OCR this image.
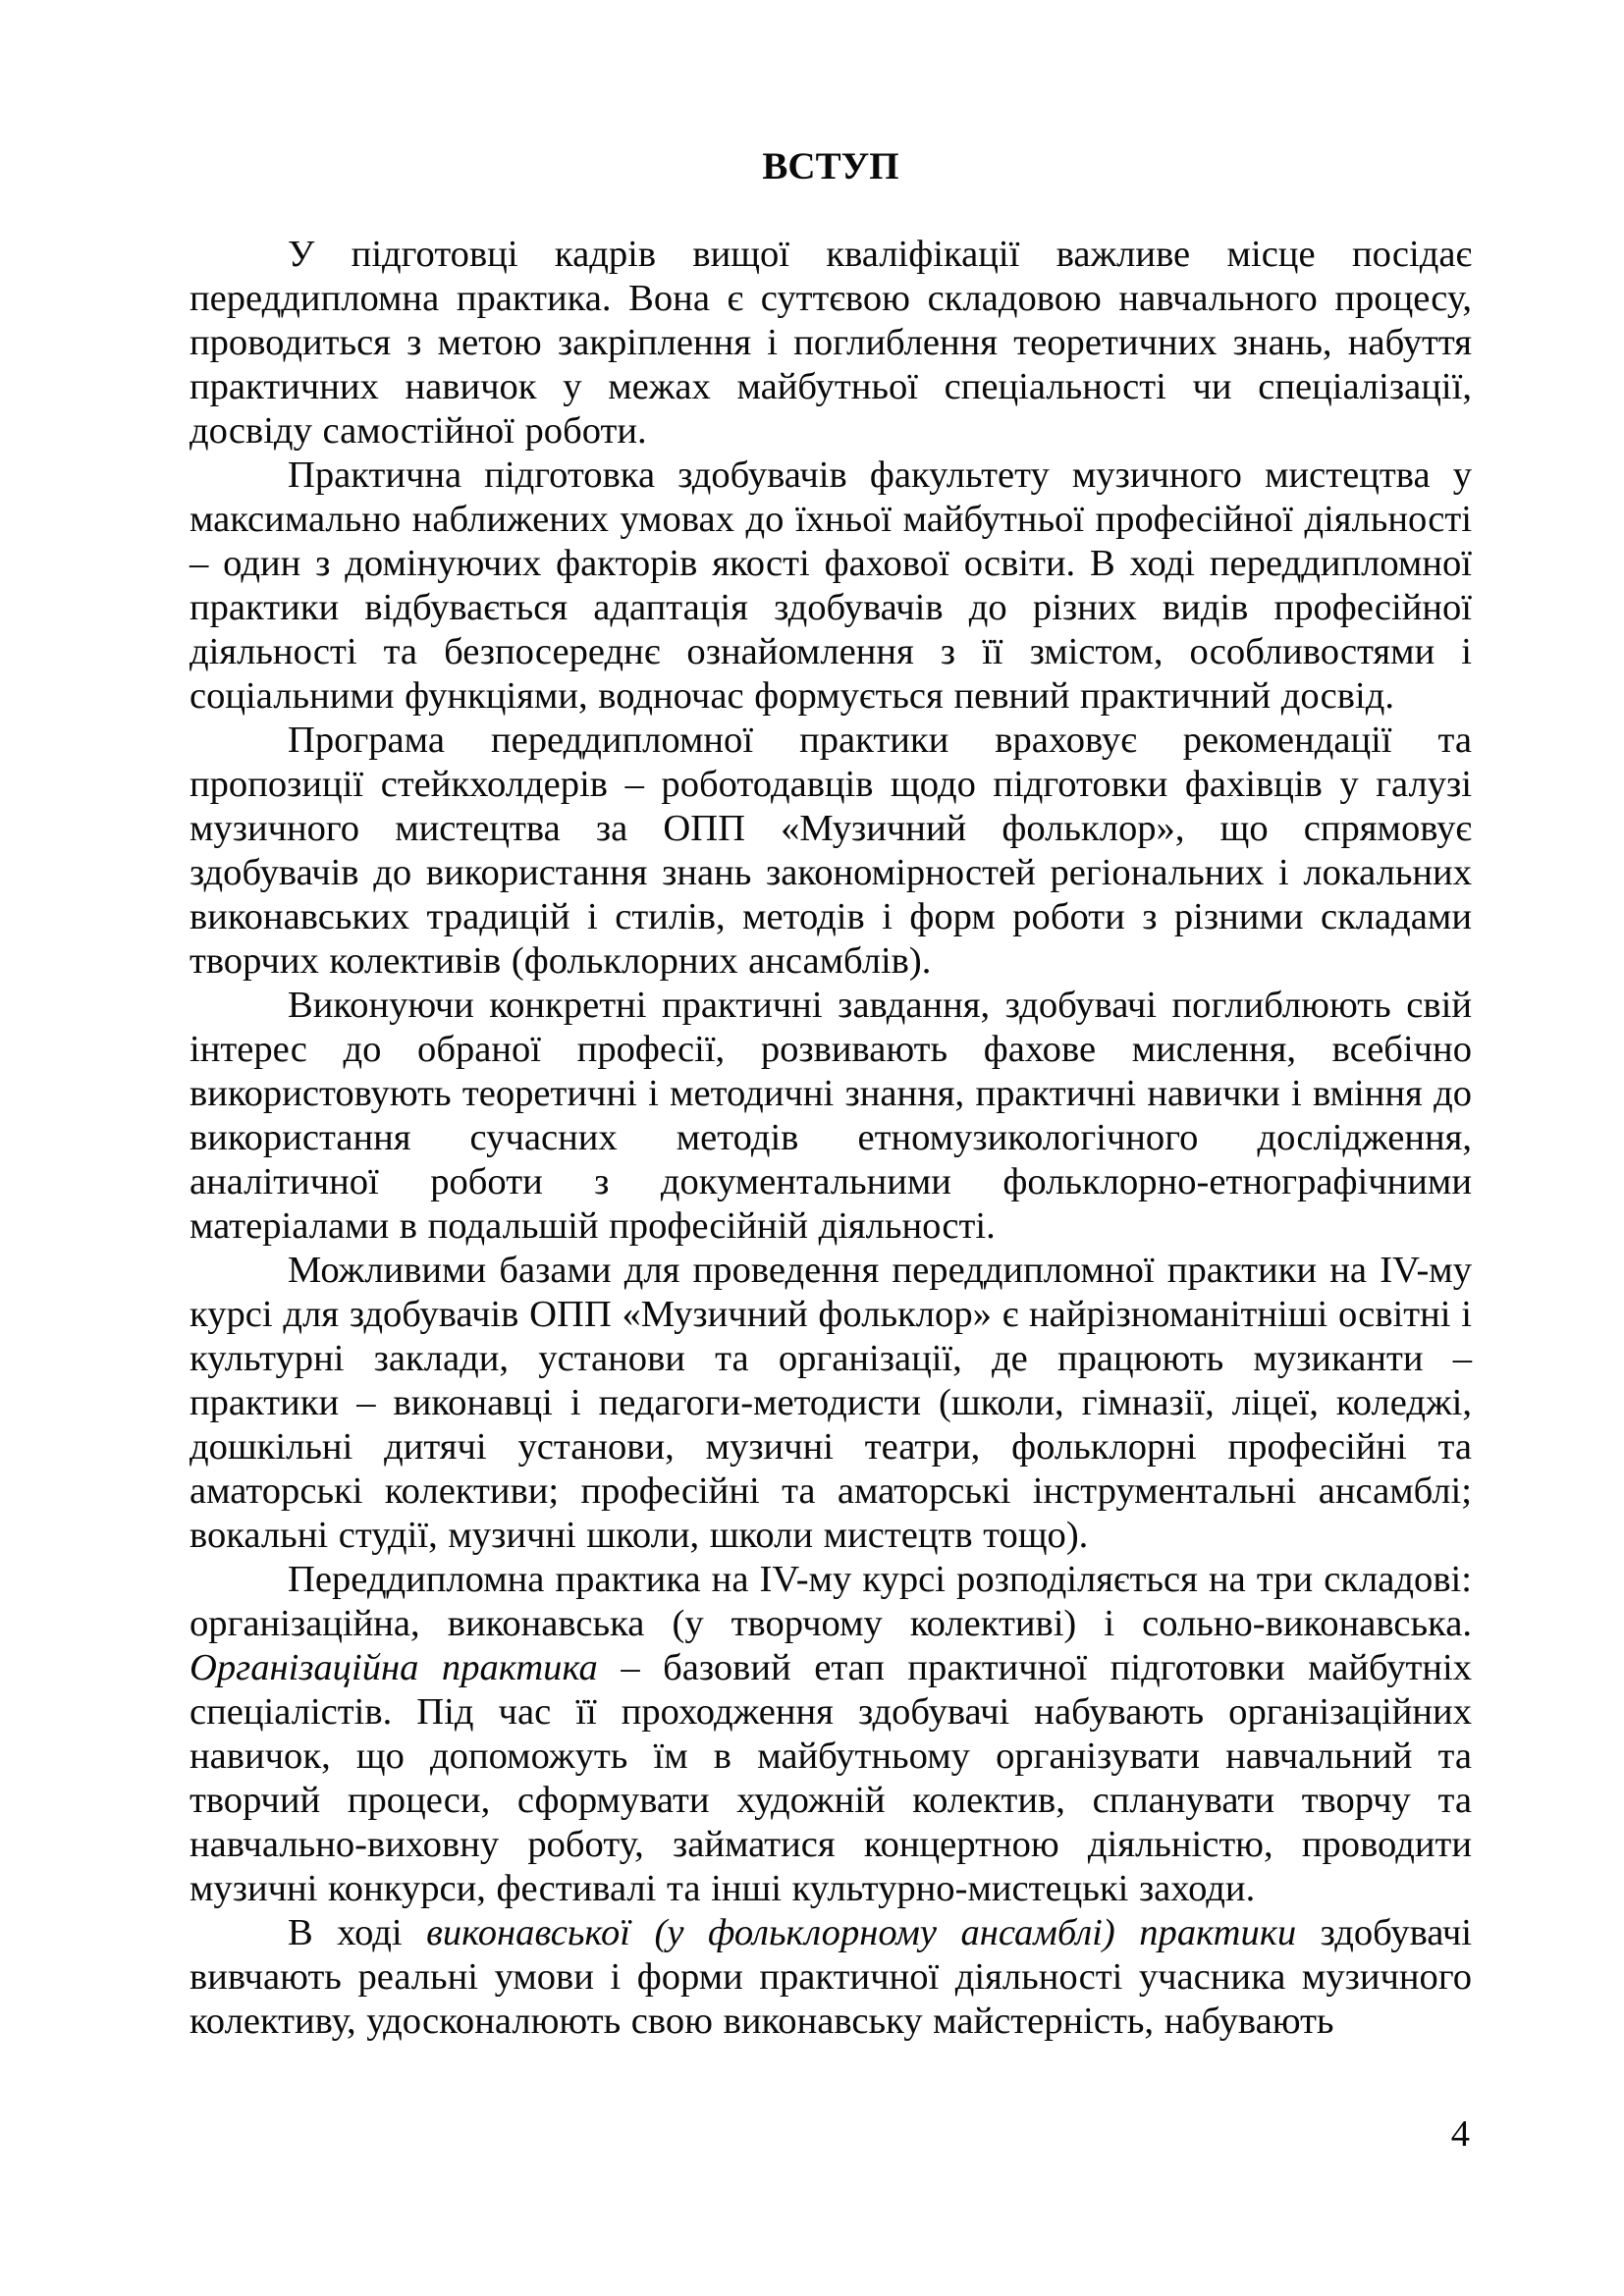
ВСТУП

У підготовці кадрів вищої кваліфікації важливе місце посідає переддипломна практика. Вона є суттєвою складовою навчального процесу, проводиться з метою закріплення і поглиблення теоретичних знань, набуття практичних навичок у межах майбутньої спеціальності чи спеціалізації, досвіду самостійної роботи.

Практична підготовка здобувачів факультету музичного мистецтва у максимально наближених умовах до їхньої майбутньої професійної діяльності – один з домінуючих факторів якості фахової освіти. В ході переддипломної практики відбувається адаптація здобувачів до різних видів професійної діяльності та безпосереднє ознайомлення з її змістом, особливостями і соціальними функціями, водночас формується певний практичний досвід.

Програма переддипломної практики враховує рекомендації та пропозиції стейкхолдерів – роботодавців щодо підготовки фахівців у галузі музичного мистецтва за ОПП «Музичний фольклор», що спрямовує здобувачів до використання знань закономірностей регіональних і локальних виконавських традицій і стилів, методів і форм роботи з різними складами творчих колективів (фольклорних ансамблів).

Виконуючи конкретні практичні завдання, здобувачі поглиблюють свій інтерес до обраної професії, розвивають фахове мислення, всебічно використовують теоретичні і методичні знання, практичні навички і вміння до використання сучасних методів етномузикологічного дослідження, аналітичної роботи з документальними фольклорно-етнографічними матеріалами в подальшій професійній діяльності.

Можливими базами для проведення переддипломної практики на IV-му курсі для здобувачів ОПП «Музичний фольклор» є найрізноманітніші освітні і культурні заклади, установи та організації, де працюють музиканти – практики – виконавці і педагоги-методисти (школи, гімназії, ліцеї, коледжі, дошкільні дитячі установи, музичні театри, фольклорні професійні та аматорські колективи; професійні та аматорські інструментальні ансамблі; вокальні студії, музичні школи, школи мистецтв тощо).

Переддипломна практика на IV-му курсі розподіляється на три складові: організаційна, виконавська (у творчому колективі) і сольно-виконавська. Організаційна практика – базовий етап практичної підготовки майбутніх спеціалістів. Під час її проходження здобувачі набувають організаційних навичок, що допоможуть їм в майбутньому організувати навчальний та творчий процеси, сформувати художній колектив, спланувати творчу та навчально-виховну роботу, займатися концертною діяльністю, проводити музичні конкурси, фестивалі та інші культурно-мистецькі заходи.

В ході виконавської (у фольклорному ансамблі) практики здобувачі вивчають реальні умови і форми практичної діяльності учасника музичного колективу, удосконалюють свою виконавську майстерність, набувають

4
